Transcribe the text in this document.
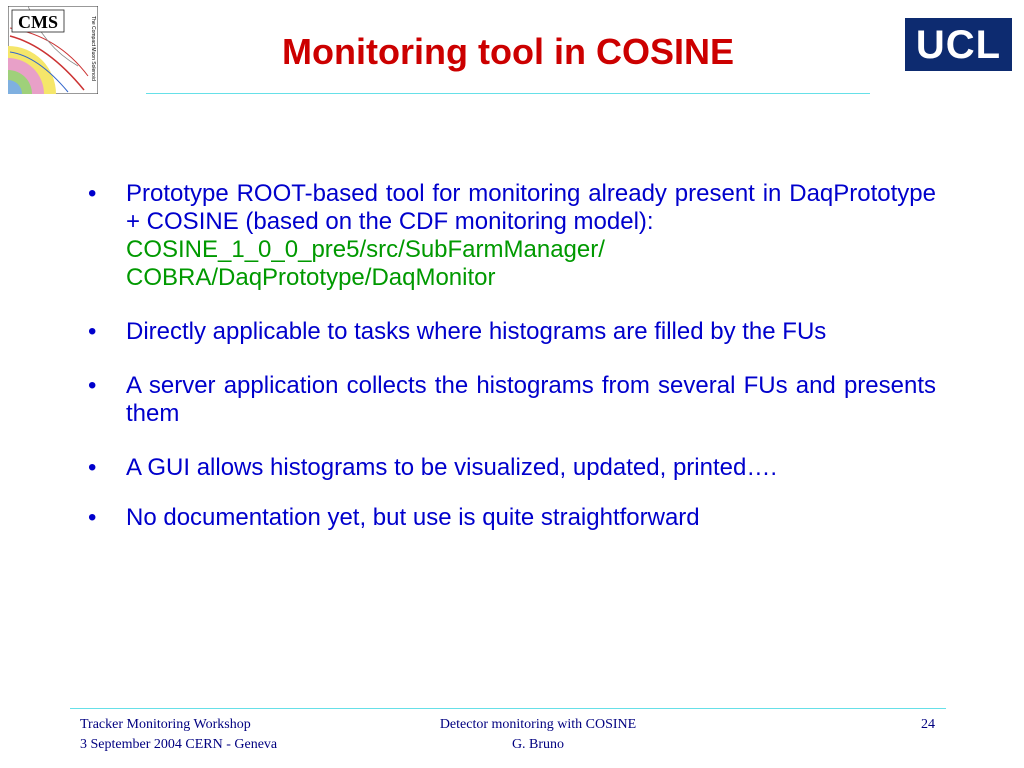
CMS	The Compact Muon Solenoid	Monitoring tool in COSINE	UCL
•	Prototype ROOT-based tool for monitoring already present in DaqPrototype + COSINE (based on the CDF monitoring model):
COSINE_1_0_0_pre5/src/SubFarmManager/
COBRA/DaqPrototype/DaqMonitor
•	Directly applicable to tasks where histograms are filled by the FUs
•	A server application collects the histograms from several FUs and presents them
•	A GUI allows histograms to be visualized, updated, printed….
•	No documentation yet, but use is quite straightforward
Tracker Monitoring Workshop
3 September 2004 CERN - Geneva
Detector monitoring with COSINE
G. Bruno
24
